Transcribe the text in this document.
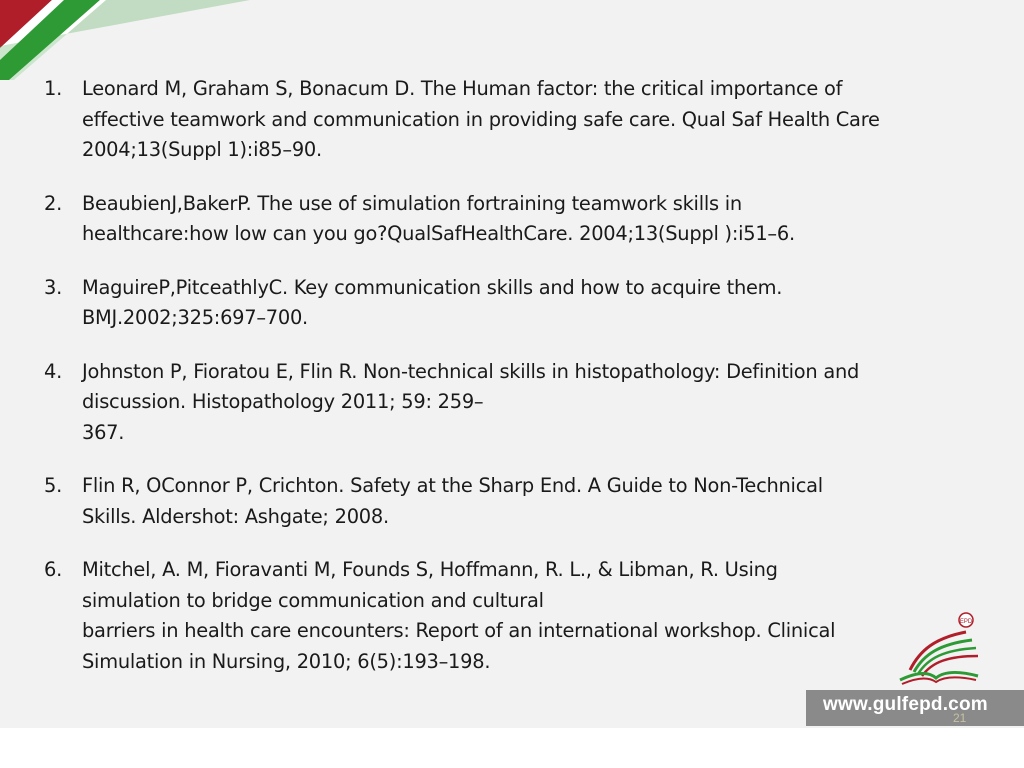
1. Leonard M, Graham S, Bonacum D. The Human factor: the critical importance of
effective teamwork and communication in providing safe care. Qual Saf Health Care
2004;13(Suppl 1):i85–90.
2. BeaubienJ,BakerP. The use of simulation fortraining teamwork skills in
healthcare:how low can you go?QualSafHealthCare. 2004;13(Suppl ):i51–6.
3. MaguireP,PitceathlyC. Key communication skills and how to acquire them.
BMJ.2002;325:697–700.
4. Johnston P, Fioratou E, Flin R. Non-technical skills in histopathology: Definition and
discussion. Histopathology 2011; 59: 259–
367.
5. Flin R, OConnor P, Crichton. Safety at the Sharp End. A Guide to Non-Technical
Skills. Aldershot: Ashgate; 2008.
6. Mitchel, A. M, Fioravanti M, Founds S, Hoffmann, R. L., & Libman, R. Using
simulation to bridge communication and cultural
barriers in health care encounters: Report of an international workshop. Clinical
Simulation in Nursing, 2010; 6(5):193–198.
EPD
www.gulfepd.com
21
